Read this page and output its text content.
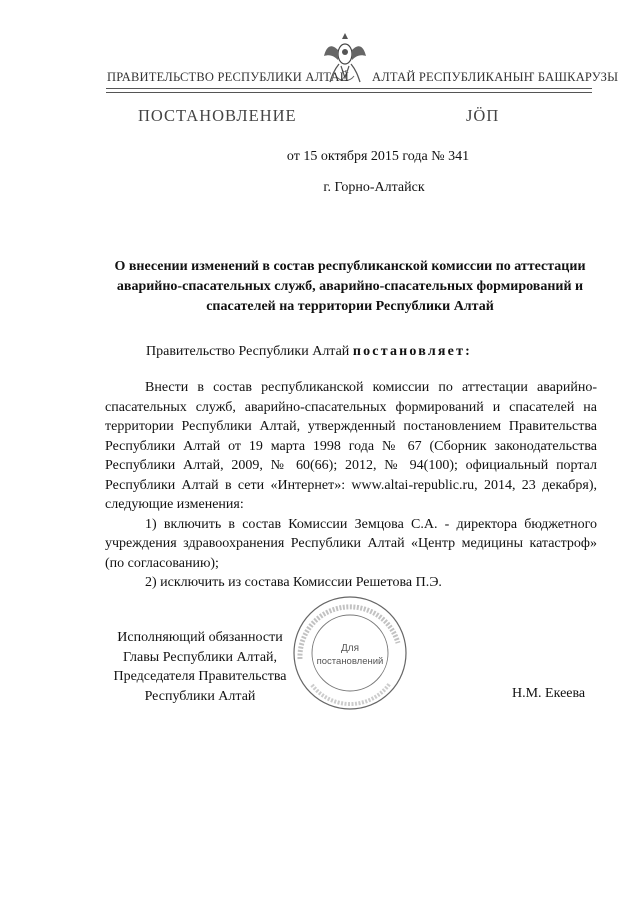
ПРАВИТЕЛЬСТВО РЕСПУБЛИКИ АЛТАЙ АЛТАЙ РЕСПУБЛИКАНЫҤ БАШКАРУЗЫ
ПОСТАНОВЛЕНИЕ	ЈӦП
от 15 октября 2015 года № 341
г. Горно-Алтайск
О внесении изменений в состав республиканской комиссии по аттестации аварийно-спасательных служб, аварийно-спасательных формирований и спасателей на территории Республики Алтай
Правительство Республики Алтай постановляет:

Внести в состав республиканской комиссии по аттестации аварийно-спасательных служб, аварийно-спасательных формирований и спасателей на территории Республики Алтай, утвержденный постановлением Правительства Республики Алтай от 19 марта 1998 года № 67 (Сборник законодательства Республики Алтай, 2009, № 60(66); 2012, № 94(100); официальный портал Республики Алтай в сети «Интернет»: www.altai-republic.ru, 2014, 23 декабря), следующие изменения:

1) включить в состав Комиссии Земцова С.А. - директора бюджетного учреждения здравоохранения Республики Алтай «Центр медицины катастроф» (по согласованию);

2) исключить из состава Комиссии Решетова П.Э.

Исполняющий обязанности
Главы Республики Алтай,
Председателя Правительства
Республики Алтай	Н.М. Екеева
Для
постановлений
